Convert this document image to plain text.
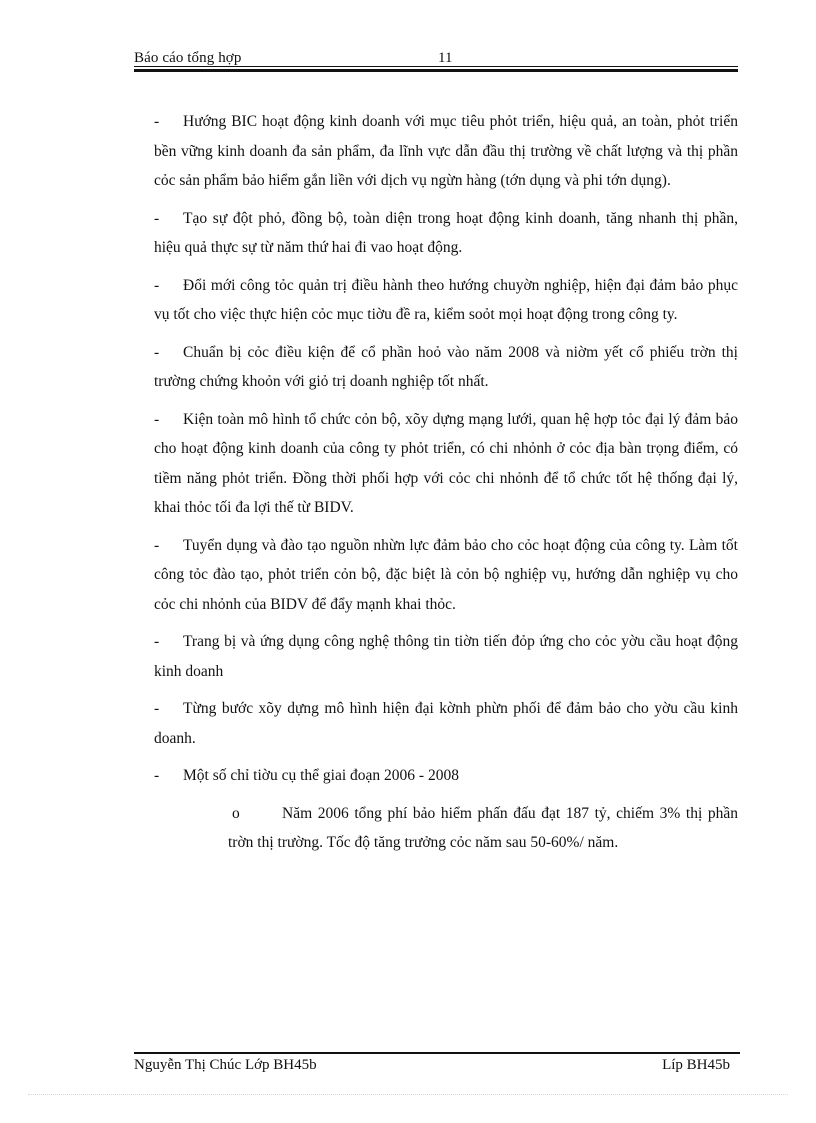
Báo cáo tổng hợp	11
- Hướng BIC hoạt động kinh doanh với mục tiêu phỏt triển, hiệu quả, an toàn, phỏt triển bền vững kinh doanh đa sản phẩm, đa lĩnh vực dẫn đầu thị trường về chất lượng và thị phần cỏc sản phẩm bảo hiểm gắn liền với dịch vụ ngừn hàng (tớn dụng và phi tớn dụng).
- Tạo sự đột phỏ, đồng bộ, toàn diện trong hoạt động kinh doanh, tăng nhanh thị phần, hiệu quả thực sự từ năm thứ hai đi vao hoạt động.
- Đổi mới công tỏc quản trị điều hành theo hướng chuyờn nghiệp, hiện đại đảm bảo phục vụ tốt cho việc thực hiện cỏc mục tiờu đề ra, kiểm soỏt mọi hoạt động trong công ty.
- Chuẩn bị cỏc điều kiện để cổ phần hoỏ vào năm 2008 và niờm yết cổ phiếu trờn thị trường chứng khoỏn với giỏ trị doanh nghiệp tốt nhất.
- Kiện toàn mô hình tổ chức cỏn bộ, xõy dựng mạng lưới, quan hệ hợp tỏc đại lý đảm bảo cho hoạt động kinh doanh của công ty phỏt triển, có chi nhỏnh ở cỏc địa bàn trọng điểm, có tiềm năng phỏt triển. Đồng thời phối hợp với cỏc chi nhỏnh để tổ chức tốt hệ thống đại lý, khai thỏc tối đa lợi thế từ BIDV.
- Tuyển dụng và đào tạo nguồn nhừn lực đảm bảo cho cỏc hoạt động của công ty. Làm tốt công tỏc đào tạo, phỏt triển cỏn bộ, đặc biệt là cỏn bộ nghiệp vụ, hướng dẫn nghiệp vụ cho cỏc chi nhỏnh của BIDV để đẩy mạnh khai thỏc.
- Trang bị và ứng dụng công nghệ thông tin tiờn tiến đỏp ứng cho cỏc yờu cầu hoạt động kinh doanh
- Từng bước xõy dựng mô hình hiện đại kờnh phừn phối để đảm bảo cho yờu cầu kinh doanh.
- Một số chỉ tiờu cụ thể giai đoạn 2006 - 2008
o	Năm 2006 tổng phí bảo hiểm phấn đấu đạt 187 tỷ, chiếm 3% thị phần trờn thị trường. Tốc độ tăng trưởng cỏc năm sau 50-60%/ năm.
Nguyễn Thị Chúc Lớp BH45b	Líp BH45b
